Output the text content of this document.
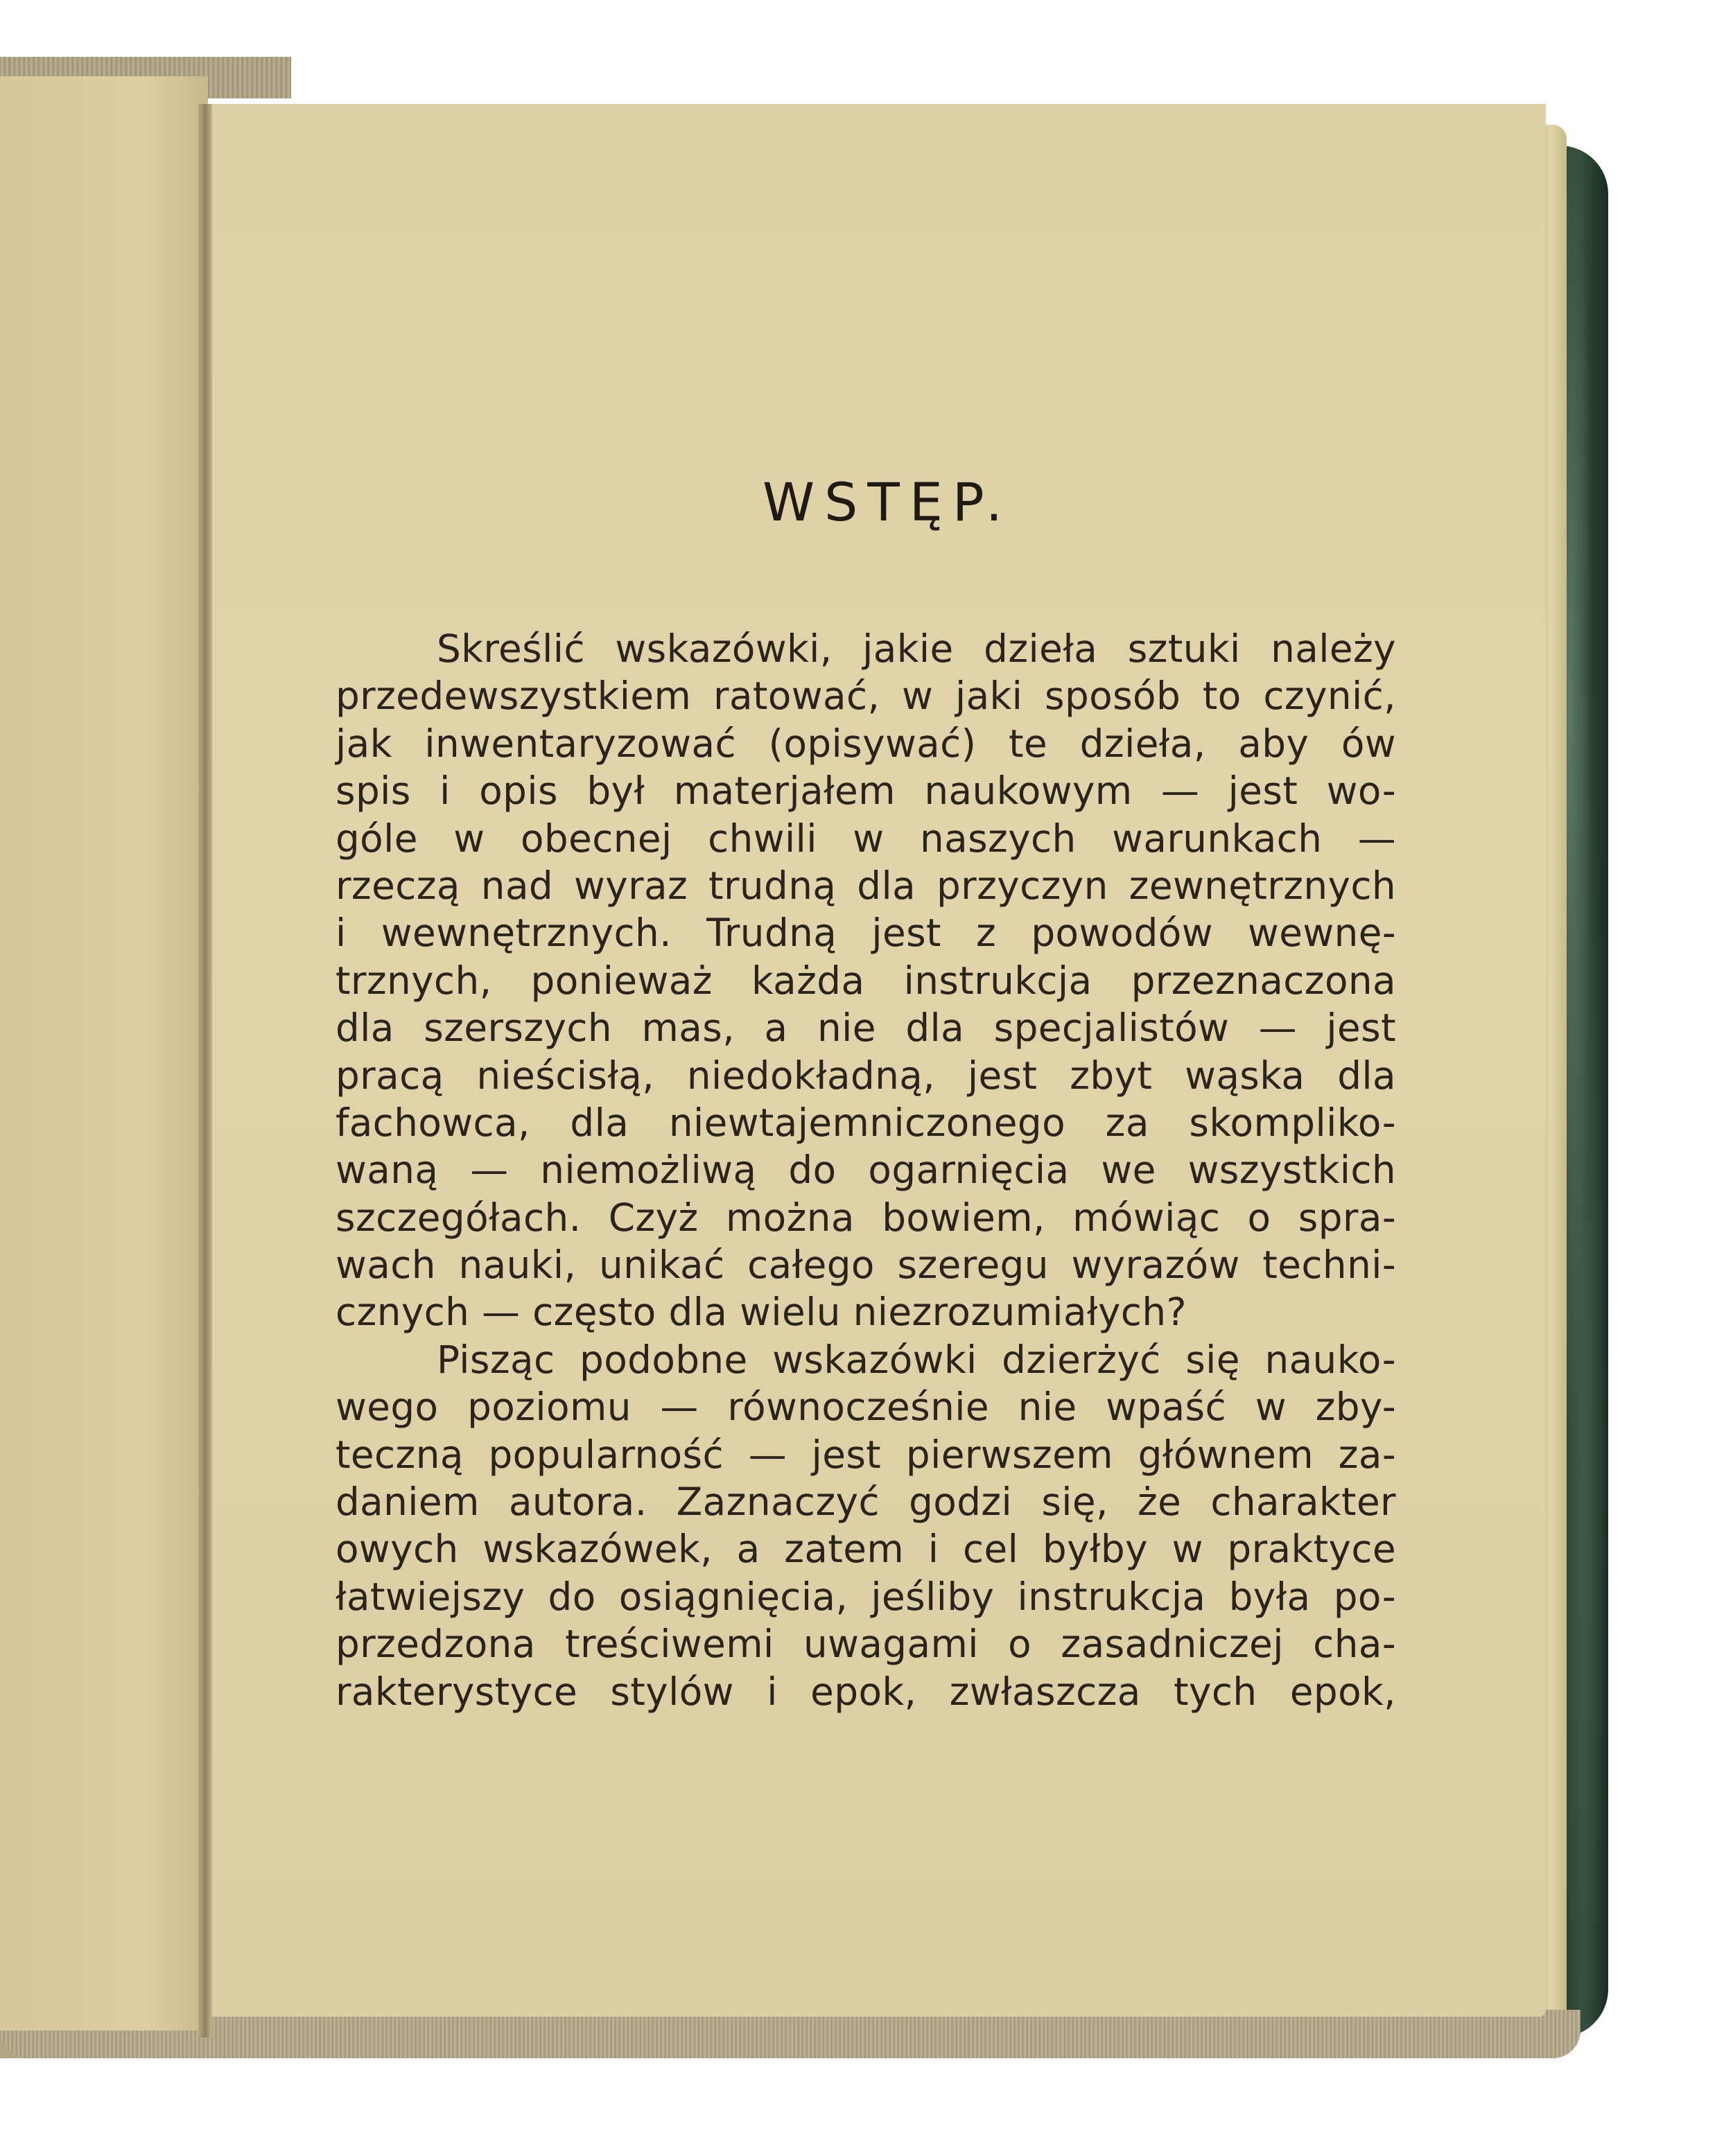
WSTĘP.
Skreślić wskazówki, jakie dzieła sztuki należy
przedewszystkiem ratować, w jaki sposób to czynić,
jak inwentaryzować (opisywać) te dzieła, aby ów
spis i opis był materjałem naukowym — jest wo-
góle w obecnej chwili w naszych warunkach —
rzeczą nad wyraz trudną dla przyczyn zewnętrznych
i wewnętrznych. Trudną jest z powodów wewnę-
trznych, ponieważ każda instrukcja przeznaczona
dla szerszych mas, a nie dla specjalistów — jest
pracą nieścisłą, niedokładną, jest zbyt wąska dla
fachowca, dla niewtajemniczonego za skompliko-
waną — niemożliwą do ogarnięcia we wszystkich
szczegółach. Czyż można bowiem, mówiąc o spra-
wach nauki, unikać całego szeregu wyrazów techni-
cznych — często dla wielu niezrozumiałych?
Pisząc podobne wskazówki dzierżyć się nauko-
wego poziomu — równocześnie nie wpaść w zby-
teczną popularność — jest pierwszem głównem za-
daniem autora. Zaznaczyć godzi się, że charakter
owych wskazówek, a zatem i cel byłby w praktyce
łatwiejszy do osiągnięcia, jeśliby instrukcja była po-
przedzona treściwemi uwagami o zasadniczej cha-
rakterystyce stylów i epok, zwłaszcza tych epok,
